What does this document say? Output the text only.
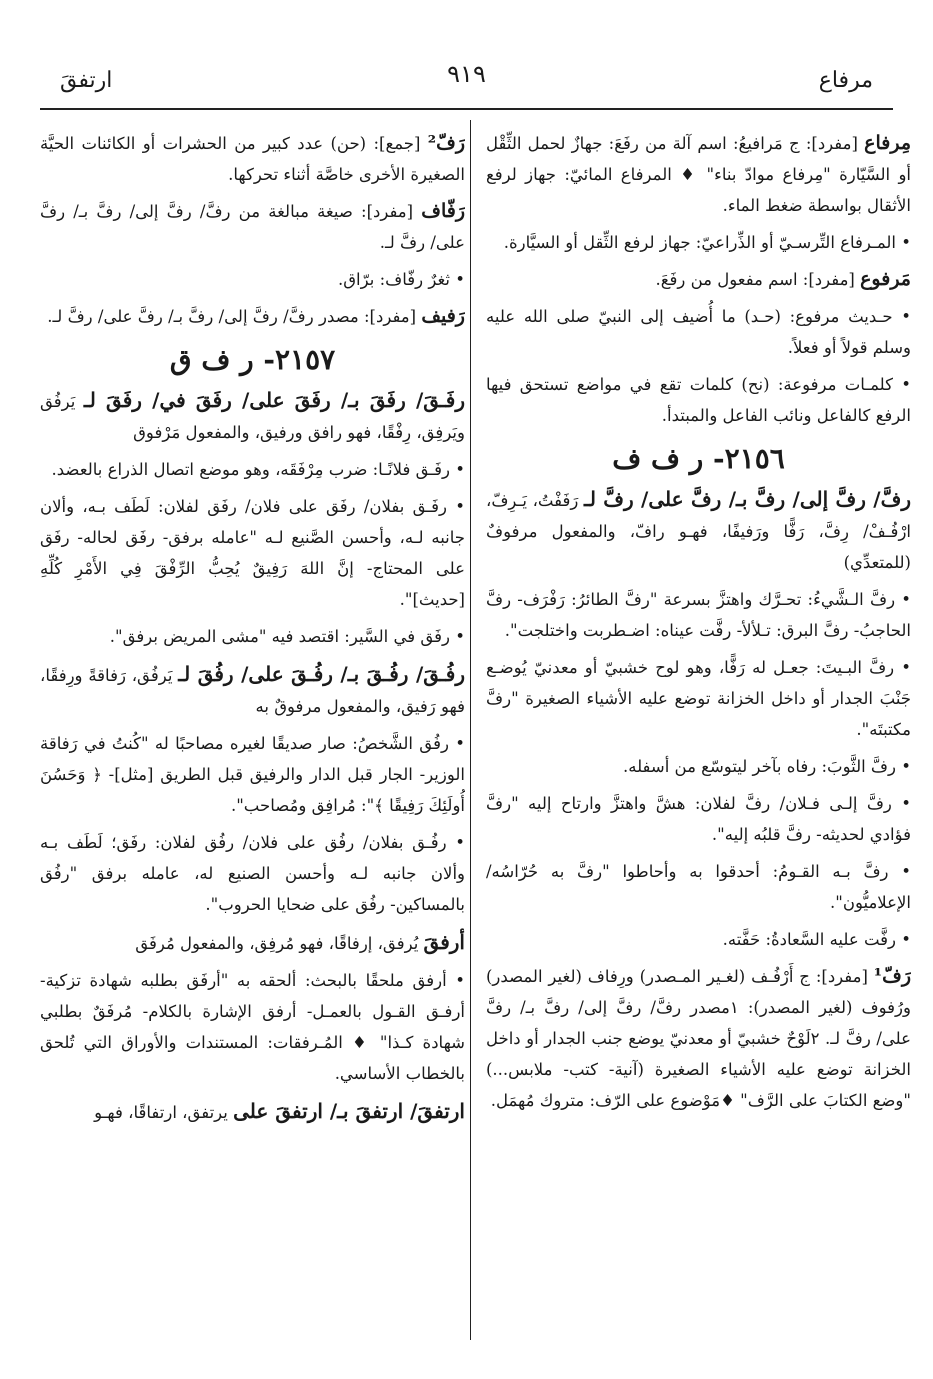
مرفاع
٩١٩
ارتفقَ

مِرفاع [مفرد]: ج مَرافيعُ: اسم آلة من رفَعَ: جهازٌ لحمل الثِّقْل أو السَّيّارة "مِرفاع موادّ بناء" ♦ المرفاع المائيّ: جهاز لرفع الأثقال بواسطة ضغط الماء.

• المـرفاع التِّرسـيّ أو الذِّراعيّ: جهاز لرفع الثِّقل أو السيَّارة.

مَرفوع [مفرد]: اسم مفعول من رفَعَ.

• حـديث مرفوع: (حـد) ما أُضيف إلى النبيّ صلى الله عليه وسلم قولاً أو فعلاً.

• كلمـات مرفوعة: (نح) كلمات تقع في مواضع تستحق فيها الرفع كالفاعل ونائب الفاعل والمبتدأ.

٢١٥٦- ر ف ف

رفَّ/ رفَّ إلى/ رفَّ بـ/ رفَّ على/ رفَّ لـ رَفَفْتُ، يَـرِفّ، ارْفُـفْ/ رِفَّ، رَفًّا ورَفيفًا، فهـو رافّ، والمفعول مرفوفٌ (للمتعدِّي)

• رفَّ الـشَّيءُ: تحـرَّك واهتزَّ بسرعة "رفَّ الطائرُ: رَفْرَف- رفَّ الحاجبُ- رفَّ البرق: تـلألأ- رفَّت عيناه: اضـطربت واختلجت".

• رفَّ البـيتَ: جعـل له رَفًّا، وهو لوح خشبيّ أو معدنيّ يُوضـع جَنْبَ الجدار أو داخل الخزانة توضع عليه الأشياء الصغيرة "رفَّ مكتبتَه".

• رفَّ الثَّوبَ: رفاه بآخر ليتوسّع من أسفله.

• رفَّ إلـى فـلان/ رفَّ لفلان: هشَّ واهتزَّ وارتاح إليه "رفَّ فؤادي لحديثه- رفَّ قلبُه إليه".

• رفَّ بـه القـومُ: أحدقوا به وأحاطوا "رفَّ به حُرّاسُه/ الإعلاميُّون".

• رفَّت عليه السَّعادةُ: حَفَّته.

رَفّ¹ [مفرد]: ج أَرْفُـف (لغـير المـصدر) ورِفاف (لغير المصدر) ورُفوف (لغير المصدر): ١مصدر رفَّ/ رفَّ إلى/ رفَّ بـ/ رفَّ على/ رفَّ لـ. ٢لَوْحٌ خشبيّ أو معدنيّ يوضع جنب الجدار أو داخل الخزانة توضع عليه الأشياء الصغيرة (آنية- كتب- ملابس...) "وضع الكتابَ على الرَّف" ♦مَوْضوع على الرّف: متروك مُهمَل.

رَفّ² [جمع]: (حن) عدد كبير من الحشرات أو الكائنات الحيَّة الصغيرة الأخرى خاصَّة أثناء تحركها.

رَفّاف [مفرد]: صيغة مبالغة من رفَّ/ رفَّ إلى/ رفَّ بـ/ رفَّ على/ رفَّ لـ.

• ثغرٌ رفّاف: برّاق.

رَفيف [مفرد]: مصدر رفَّ/ رفَّ إلى/ رفَّ بـ/ رفَّ على/ رفَّ لـ.

٢١٥٧- ر ف ق

رفَـقَ/ رفَقَ بـ/ رفَقَ على/ رفَقَ في/ رفَقَ لـ يَرفُق ويَرفِق، رِفْقًا، فهو رافق ورفيق، والمفعول مَرْفوق

• رفَـق فلانًـا: ضرب مِرْفَقَه، وهو موضع اتصال الذراع بالعضد.

• رفَـق بفلان/ رفَق على فلان/ رفَق لفلان: لَطَف بـه، وألان جانبه لـه، وأحسن الصَّنيع لـه "عامله برفق- رفَق لحاله- رفَق على المحتاج- إنَّ اللهَ رَفِيقٌ يُحِبُّ الرِّفْقَ فِي الأَمْرِ كُلِّهِ [حديث]".

• رفَق في السَّير: اقتصد فيه "مشى المريض برفق".

رفُـقَ/ رفُـقَ بـ/ رفُـقَ على/ رفُقَ لـ يَرفُق، رَفاقةً ورِفقًا، فهو رَفيق، والمفعول مرفوقٌ به

• رفُق الشَّخصُ: صار صديقًا لغيره مصاحبًا له "كُنتُ في رَفاقة الوزير- الجار قبل الدار والرفيق قبل الطريق [مثل]- ﴿ وَحَسُنَ أُولَئِكَ رَفِيقًا ﴾": مُرافِق ومُصاحب".

• رفُـق بفلان/ رفُق على فلان/ رفُق لفلان: رفَق؛ لَطَف بـه وألان جانبه لـه وأحسن الصنيع له، عامله برفق "رفُق بالمساكين- رفُق على ضحايا الحروب".

أرفقَ يُرفق، إرفاقًا، فهو مُرفِق، والمفعول مُرفَق

• أرفق ملحقًا بالبحث: ألحقه به "أرفَق بطلبه شهادة تزكية- أرفـق القـول بالعمـل- أرفق الإشارة بالكلام- مُرفَقٌ بطلبي شهادة كـذا" ♦ المُـرفقات: المستندات والأوراق التي تُلحق بالخطاب الأساسي.

ارتفقَ/ ارتفقَ بـ/ ارتفقَ على يرتفق، ارتفاقًا، فهـو
